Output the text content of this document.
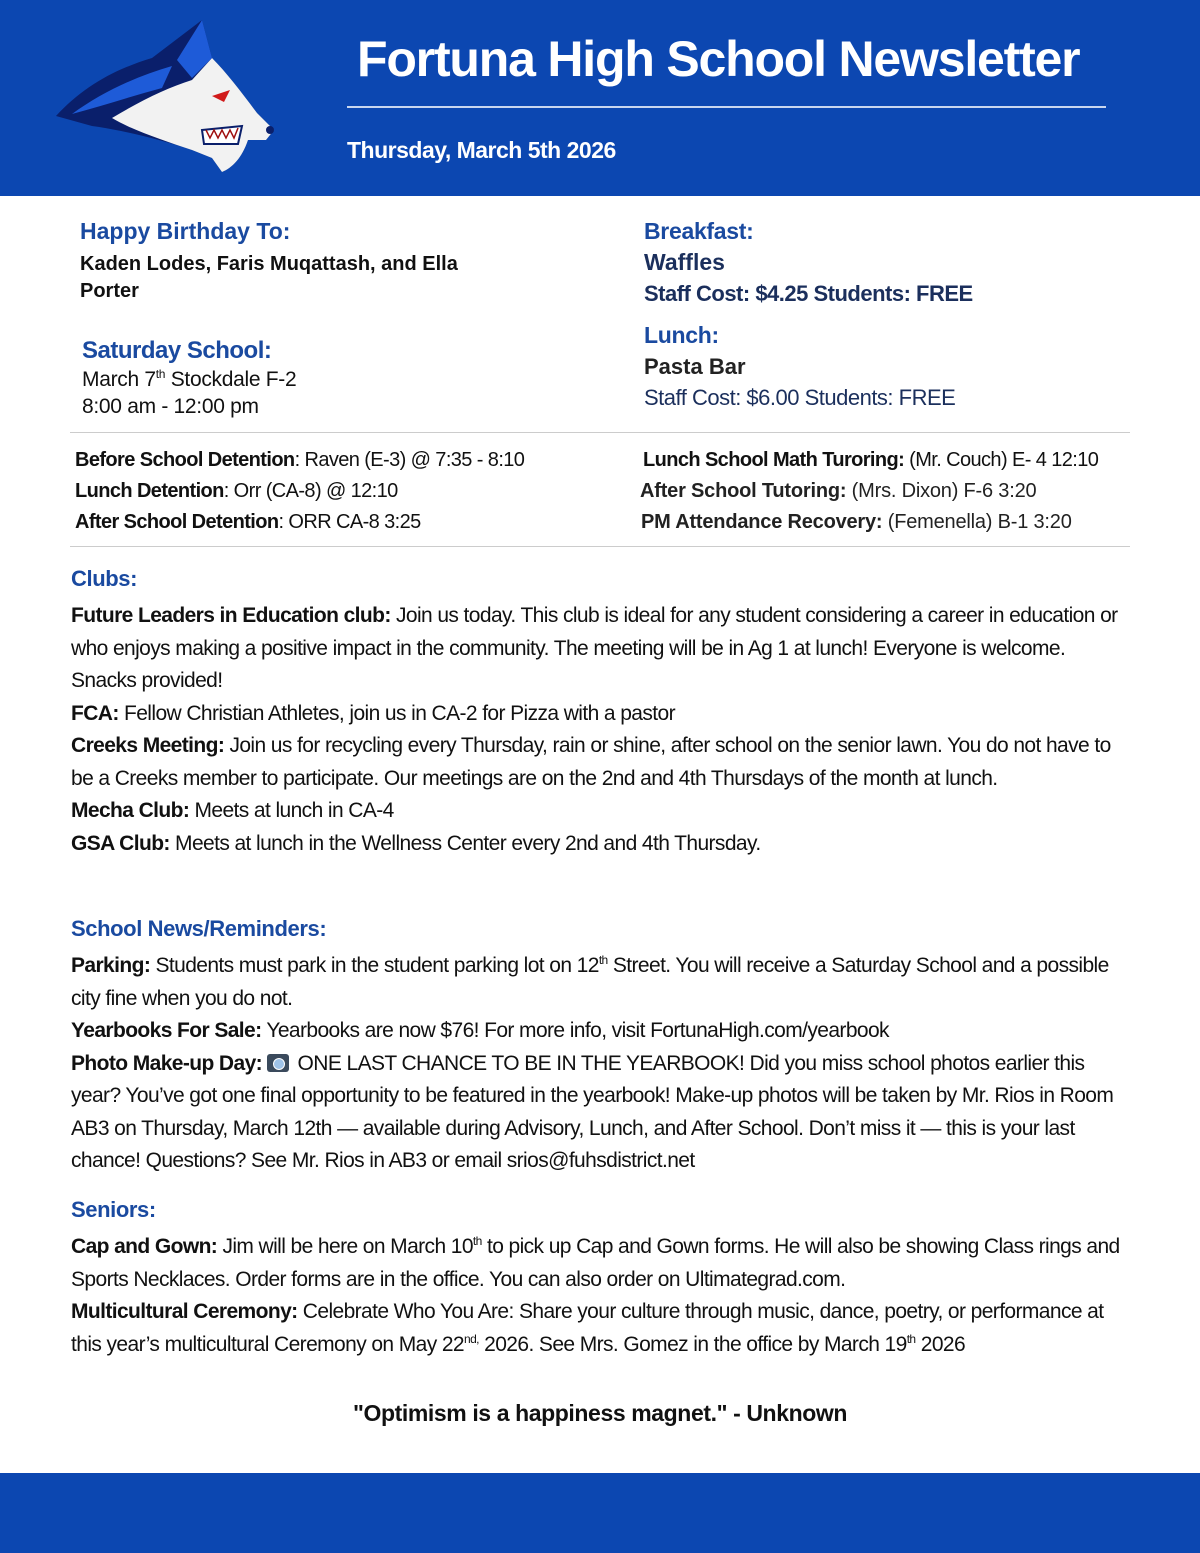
Fortuna High School Newsletter
Thursday, March 5th 2026
Happy Birthday To:
Kaden Lodes, Faris Muqattash, and Ella Porter
Saturday School:
March 7th Stockdale F-2
8:00 am - 12:00 pm
Breakfast:
Waffles
Staff Cost: $4.25 Students: FREE
Lunch:
Pasta Bar
Staff Cost: $6.00 Students: FREE
Before School Detention: Raven (E-3) @ 7:35 - 8:10
Lunch Detention: Orr (CA-8) @ 12:10
After School Detention: ORR CA-8 3:25
Lunch School Math Turoring: (Mr. Couch) E- 4 12:10
After School Tutoring: (Mrs. Dixon) F-6 3:20
PM Attendance Recovery: (Femenella) B-1 3:20
Clubs:
Future Leaders in Education club: Join us today. This club is ideal for any student considering a career in education or who enjoys making a positive impact in the community. The meeting will be in Ag 1 at lunch! Everyone is welcome. Snacks provided!
FCA: Fellow Christian Athletes, join us in CA-2 for Pizza with a pastor
Creeks Meeting: Join us for recycling every Thursday, rain or shine, after school on the senior lawn. You do not have to be a Creeks member to participate. Our meetings are on the 2nd and 4th Thursdays of the month at lunch.
Mecha Club: Meets at lunch in CA-4
GSA Club: Meets at lunch in the Wellness Center every 2nd and 4th Thursday.
School News/Reminders:
Parking: Students must park in the student parking lot on 12th Street. You will receive a Saturday School and a possible city fine when you do not.
Yearbooks For Sale: Yearbooks are now $76! For more info, visit FortunaHigh.com/yearbook
Photo Make-up Day:  ONE LAST CHANCE TO BE IN THE YEARBOOK! Did you miss school photos earlier this year? You’ve got one final opportunity to be featured in the yearbook! Make-up photos will be taken by Mr. Rios in Room AB3 on Thursday, March 12th — available during Advisory, Lunch, and After School. Don’t miss it — this is your last chance! Questions? See Mr. Rios in AB3 or email srios@fuhsdistrict.net
Seniors:
Cap and Gown: Jim will be here on March 10th to pick up Cap and Gown forms. He will also be showing Class rings and Sports Necklaces. Order forms are in the office. You can also order on Ultimategrad.com.
Multicultural Ceremony: Celebrate Who You Are: Share your culture through music, dance, poetry, or performance at this year’s multicultural Ceremony on May $22^{nd,}$ 2026. See Mrs. Gomez in the office by March 19th 2026
"Optimism is a happiness magnet." - Unknown
